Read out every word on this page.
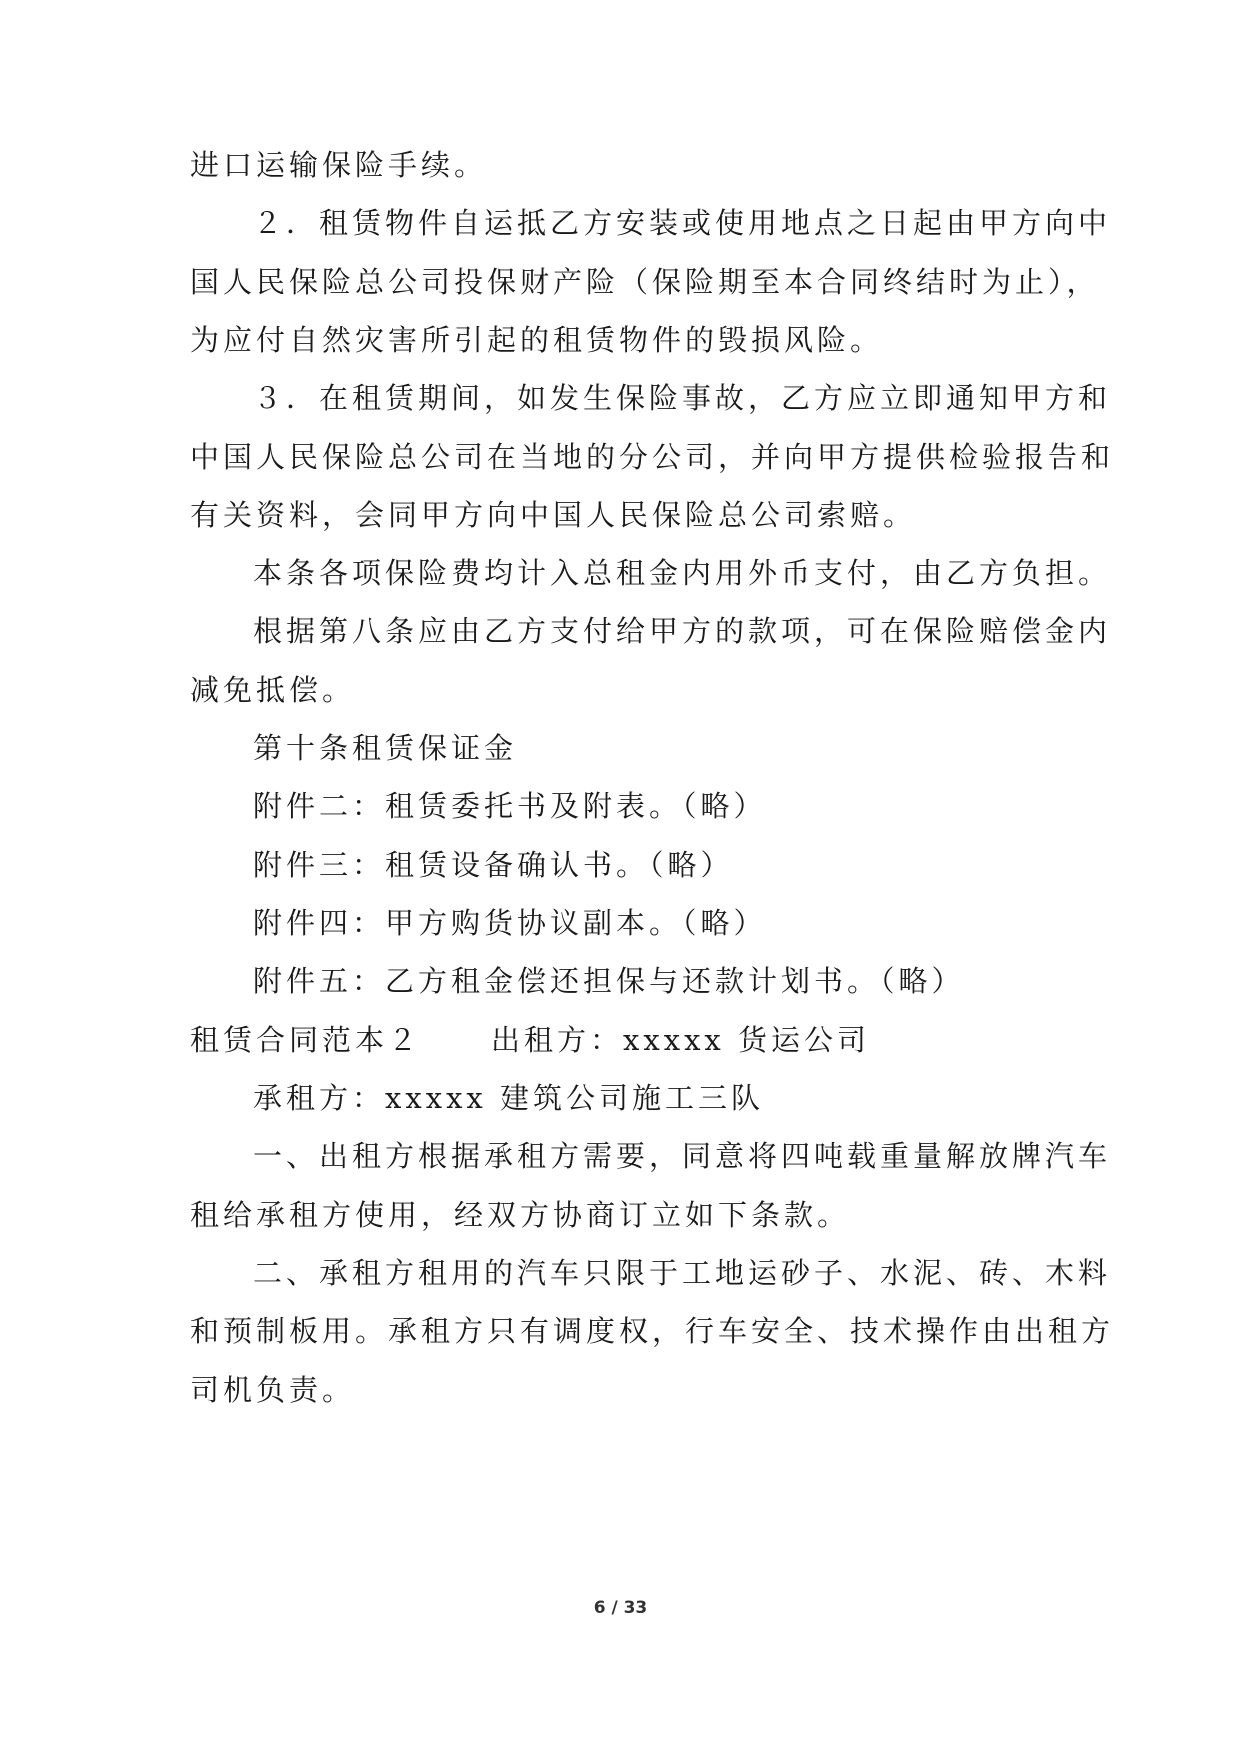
进口运输保险手续。
２．租赁物件自运抵乙方安装或使用地点之日起由甲方向中
国人民保险总公司投保财产险（保险期至本合同终结时为止），
为应付自然灾害所引起的租赁物件的毁损风险。
３．在租赁期间，如发生保险事故，乙方应立即通知甲方和
中国人民保险总公司在当地的分公司，并向甲方提供检验报告和
有关资料，会同甲方向中国人民保险总公司索赔。
本条各项保险费均计入总租金内用外币支付，由乙方负担。
根据第八条应由乙方支付给甲方的款项，可在保险赔偿金内
减免抵偿。
第十条租赁保证金
附件二：租赁委托书及附表。（略）
附件三：租赁设备确认书。（略）
附件四：甲方购货协议副本。（略）
附件五：乙方租金偿还担保与还款计划书。（略）
租赁合同范本２ 出租方：xxxxx 货运公司
承租方：xxxxx 建筑公司施工三队
一、出租方根据承租方需要，同意将四吨载重量解放牌汽车
租给承租方使用，经双方协商订立如下条款。
二、承租方租用的汽车只限于工地运砂子、水泥、砖、木料
和预制板用。承租方只有调度权，行车安全、技术操作由出租方
司机负责。
6 / 33
